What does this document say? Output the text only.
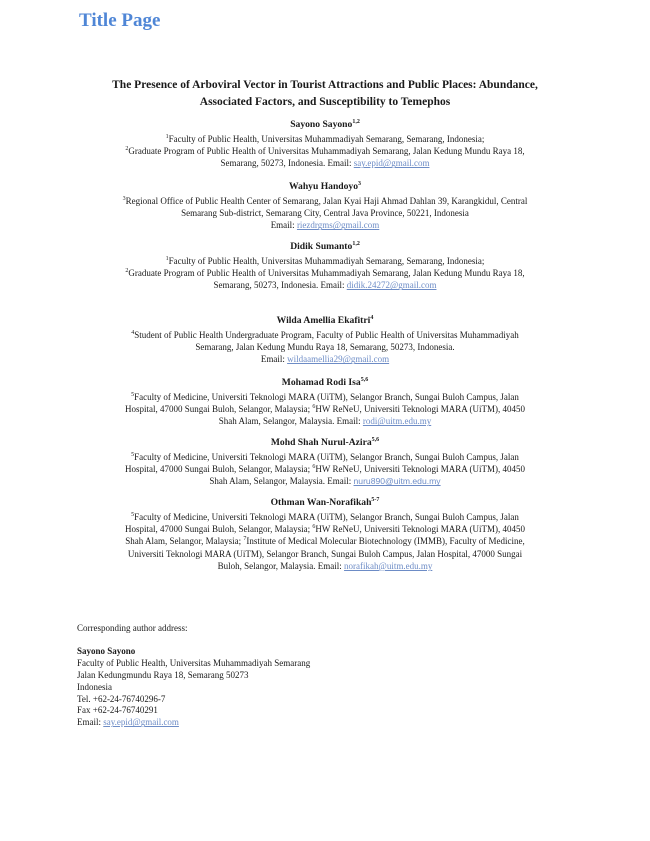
Title Page
The Presence of Arboviral Vector in Tourist Attractions and Public Places: Abundance,
Associated Factors, and Susceptibility to Temephos
Sayono Sayono$^{1,2}$
$^1$Faculty of Public Health, Universitas Muhammadiyah Semarang, Semarang, Indonesia;
$^2$Graduate Program of Public Health of Universitas Muhammadiyah Semarang, Jalan Kedung Mundu Raya 18,
Semarang, 50273, Indonesia. Email: say.epid@gmail.com
Wahyu Handoyo$^3$
$^3$Regional Office of Public Health Center of Semarang, Jalan Kyai Haji Ahmad Dahlan 39, Karangkidul, Central
Semarang Sub-district, Semarang City, Central Java Province, 50221, Indonesia
Email: riezdrgms@gmail.com
Didik Sumanto$^{1,2}$
$^1$Faculty of Public Health, Universitas Muhammadiyah Semarang, Semarang, Indonesia;
$^2$Graduate Program of Public Health of Universitas Muhammadiyah Semarang, Jalan Kedung Mundu Raya 18,
Semarang, 50273, Indonesia. Email: didik.24272@gmail.com
Wilda Amellia Ekafitri$^4$
$^4$Student of Public Health Undergraduate Program, Faculty of Public Health of Universitas Muhammadiyah
Semarang, Jalan Kedung Mundu Raya 18, Semarang, 50273, Indonesia.
Email: wildaamellia29@gmail.com
Mohamad Rodi Isa$^{5,6}$
$^5$Faculty of Medicine, Universiti Teknologi MARA (UiTM), Selangor Branch, Sungai Buloh Campus, Jalan
Hospital, 47000 Sungai Buloh, Selangor, Malaysia; $^6$HW ReNeU, Universiti Teknologi MARA (UiTM), 40450
Shah Alam, Selangor, Malaysia. Email: rodi@uitm.edu.my
Mohd Shah Nurul-Azira$^{5,6}$
$^5$Faculty of Medicine, Universiti Teknologi MARA (UiTM), Selangor Branch, Sungai Buloh Campus, Jalan
Hospital, 47000 Sungai Buloh, Selangor, Malaysia; $^6$HW ReNeU, Universiti Teknologi MARA (UiTM), 40450
Shah Alam, Selangor, Malaysia. Email: nuru890@uitm.edu.my
Othman Wan-Norafikah$^{5-7}$
$^5$Faculty of Medicine, Universiti Teknologi MARA (UiTM), Selangor Branch, Sungai Buloh Campus, Jalan
Hospital, 47000 Sungai Buloh, Selangor, Malaysia; $^6$HW ReNeU, Universiti Teknologi MARA (UiTM), 40450
Shah Alam, Selangor, Malaysia; $^7$Institute of Medical Molecular Biotechnology (IMMB), Faculty of Medicine,
Universiti Teknologi MARA (UiTM), Selangor Branch, Sungai Buloh Campus, Jalan Hospital, 47000 Sungai
Buloh, Selangor, Malaysia. Email: norafikah@uitm.edu.my
Corresponding author address:
Sayono Sayono
Faculty of Public Health, Universitas Muhammadiyah Semarang
Jalan Kedungmundu Raya 18, Semarang 50273
Indonesia
Tel. +62-24-76740296-7
Fax +62-24-76740291
Email: say.epid@gmail.com
